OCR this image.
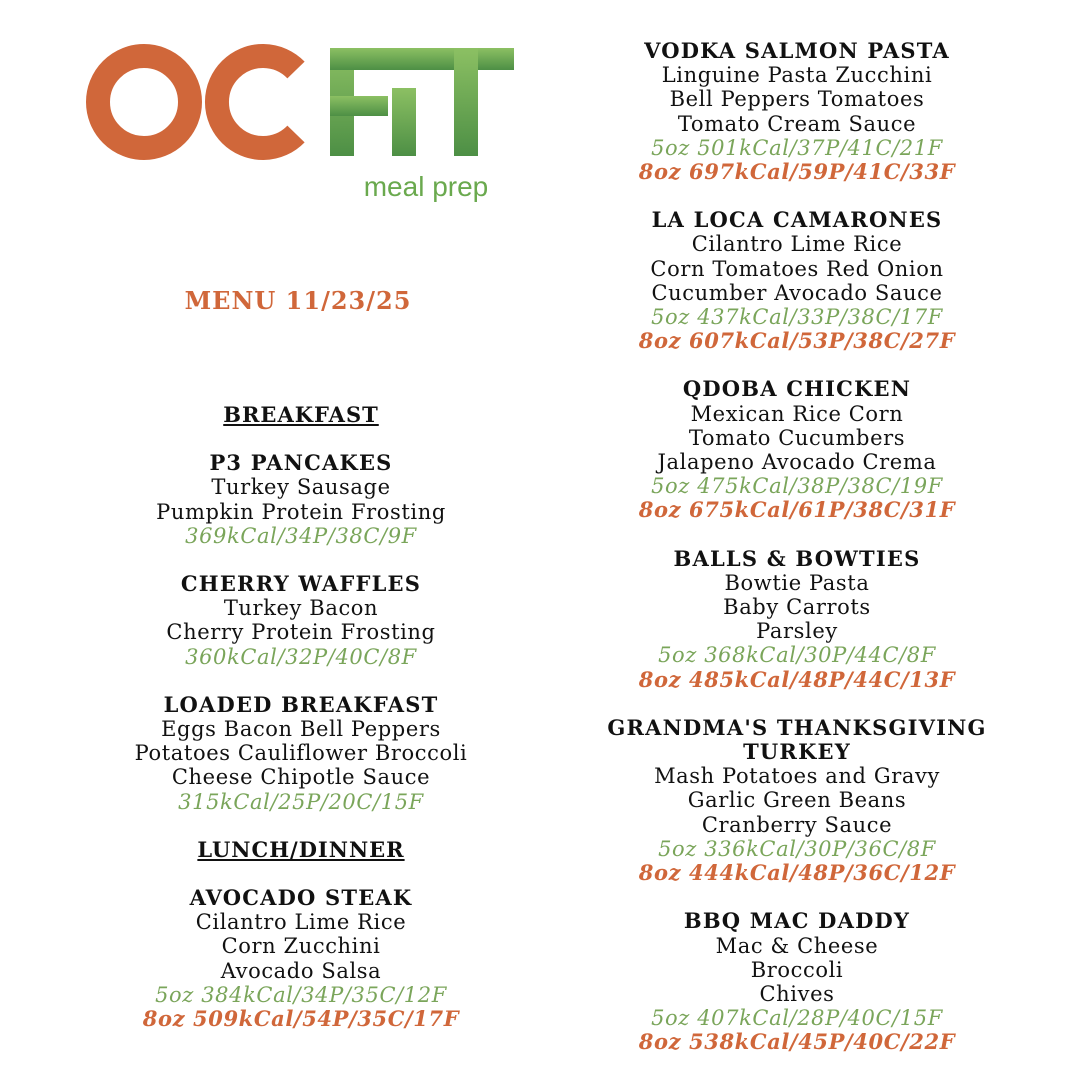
meal prep
MENU 11/23/25
BREAKFAST
P3 PANCAKES
Turkey Sausage
Pumpkin Protein Frosting
369kCal/34P/38C/9F
CHERRY WAFFLES
Turkey Bacon
Cherry Protein Frosting
360kCal/32P/40C/8F
LOADED BREAKFAST
Eggs Bacon Bell Peppers
Potatoes Cauliflower Broccoli
Cheese Chipotle Sauce
315kCal/25P/20C/15F
LUNCH/DINNER
AVOCADO STEAK
Cilantro Lime Rice
Corn Zucchini
Avocado Salsa
5oz 384kCal/34P/35C/12F
8oz 509kCal/54P/35C/17F
VODKA SALMON PASTA
Linguine Pasta Zucchini
Bell Peppers Tomatoes
Tomato Cream Sauce
5oz 501kCal/37P/41C/21F
8oz 697kCal/59P/41C/33F
LA LOCA CAMARONES
Cilantro Lime Rice
Corn Tomatoes Red Onion
Cucumber Avocado Sauce
5oz 437kCal/33P/38C/17F
8oz 607kCal/53P/38C/27F
QDOBA CHICKEN
Mexican Rice Corn
Tomato Cucumbers
Jalapeno Avocado Crema
5oz 475kCal/38P/38C/19F
8oz 675kCal/61P/38C/31F
BALLS & BOWTIES
Bowtie Pasta
Baby Carrots
Parsley
5oz 368kCal/30P/44C/8F
8oz 485kCal/48P/44C/13F
GRANDMA'S THANKSGIVING TURKEY
Mash Potatoes and Gravy
Garlic Green Beans
Cranberry Sauce
5oz 336kCal/30P/36C/8F
8oz 444kCal/48P/36C/12F
BBQ MAC DADDY
Mac & Cheese
Broccoli
Chives
5oz 407kCal/28P/40C/15F
8oz 538kCal/45P/40C/22F
